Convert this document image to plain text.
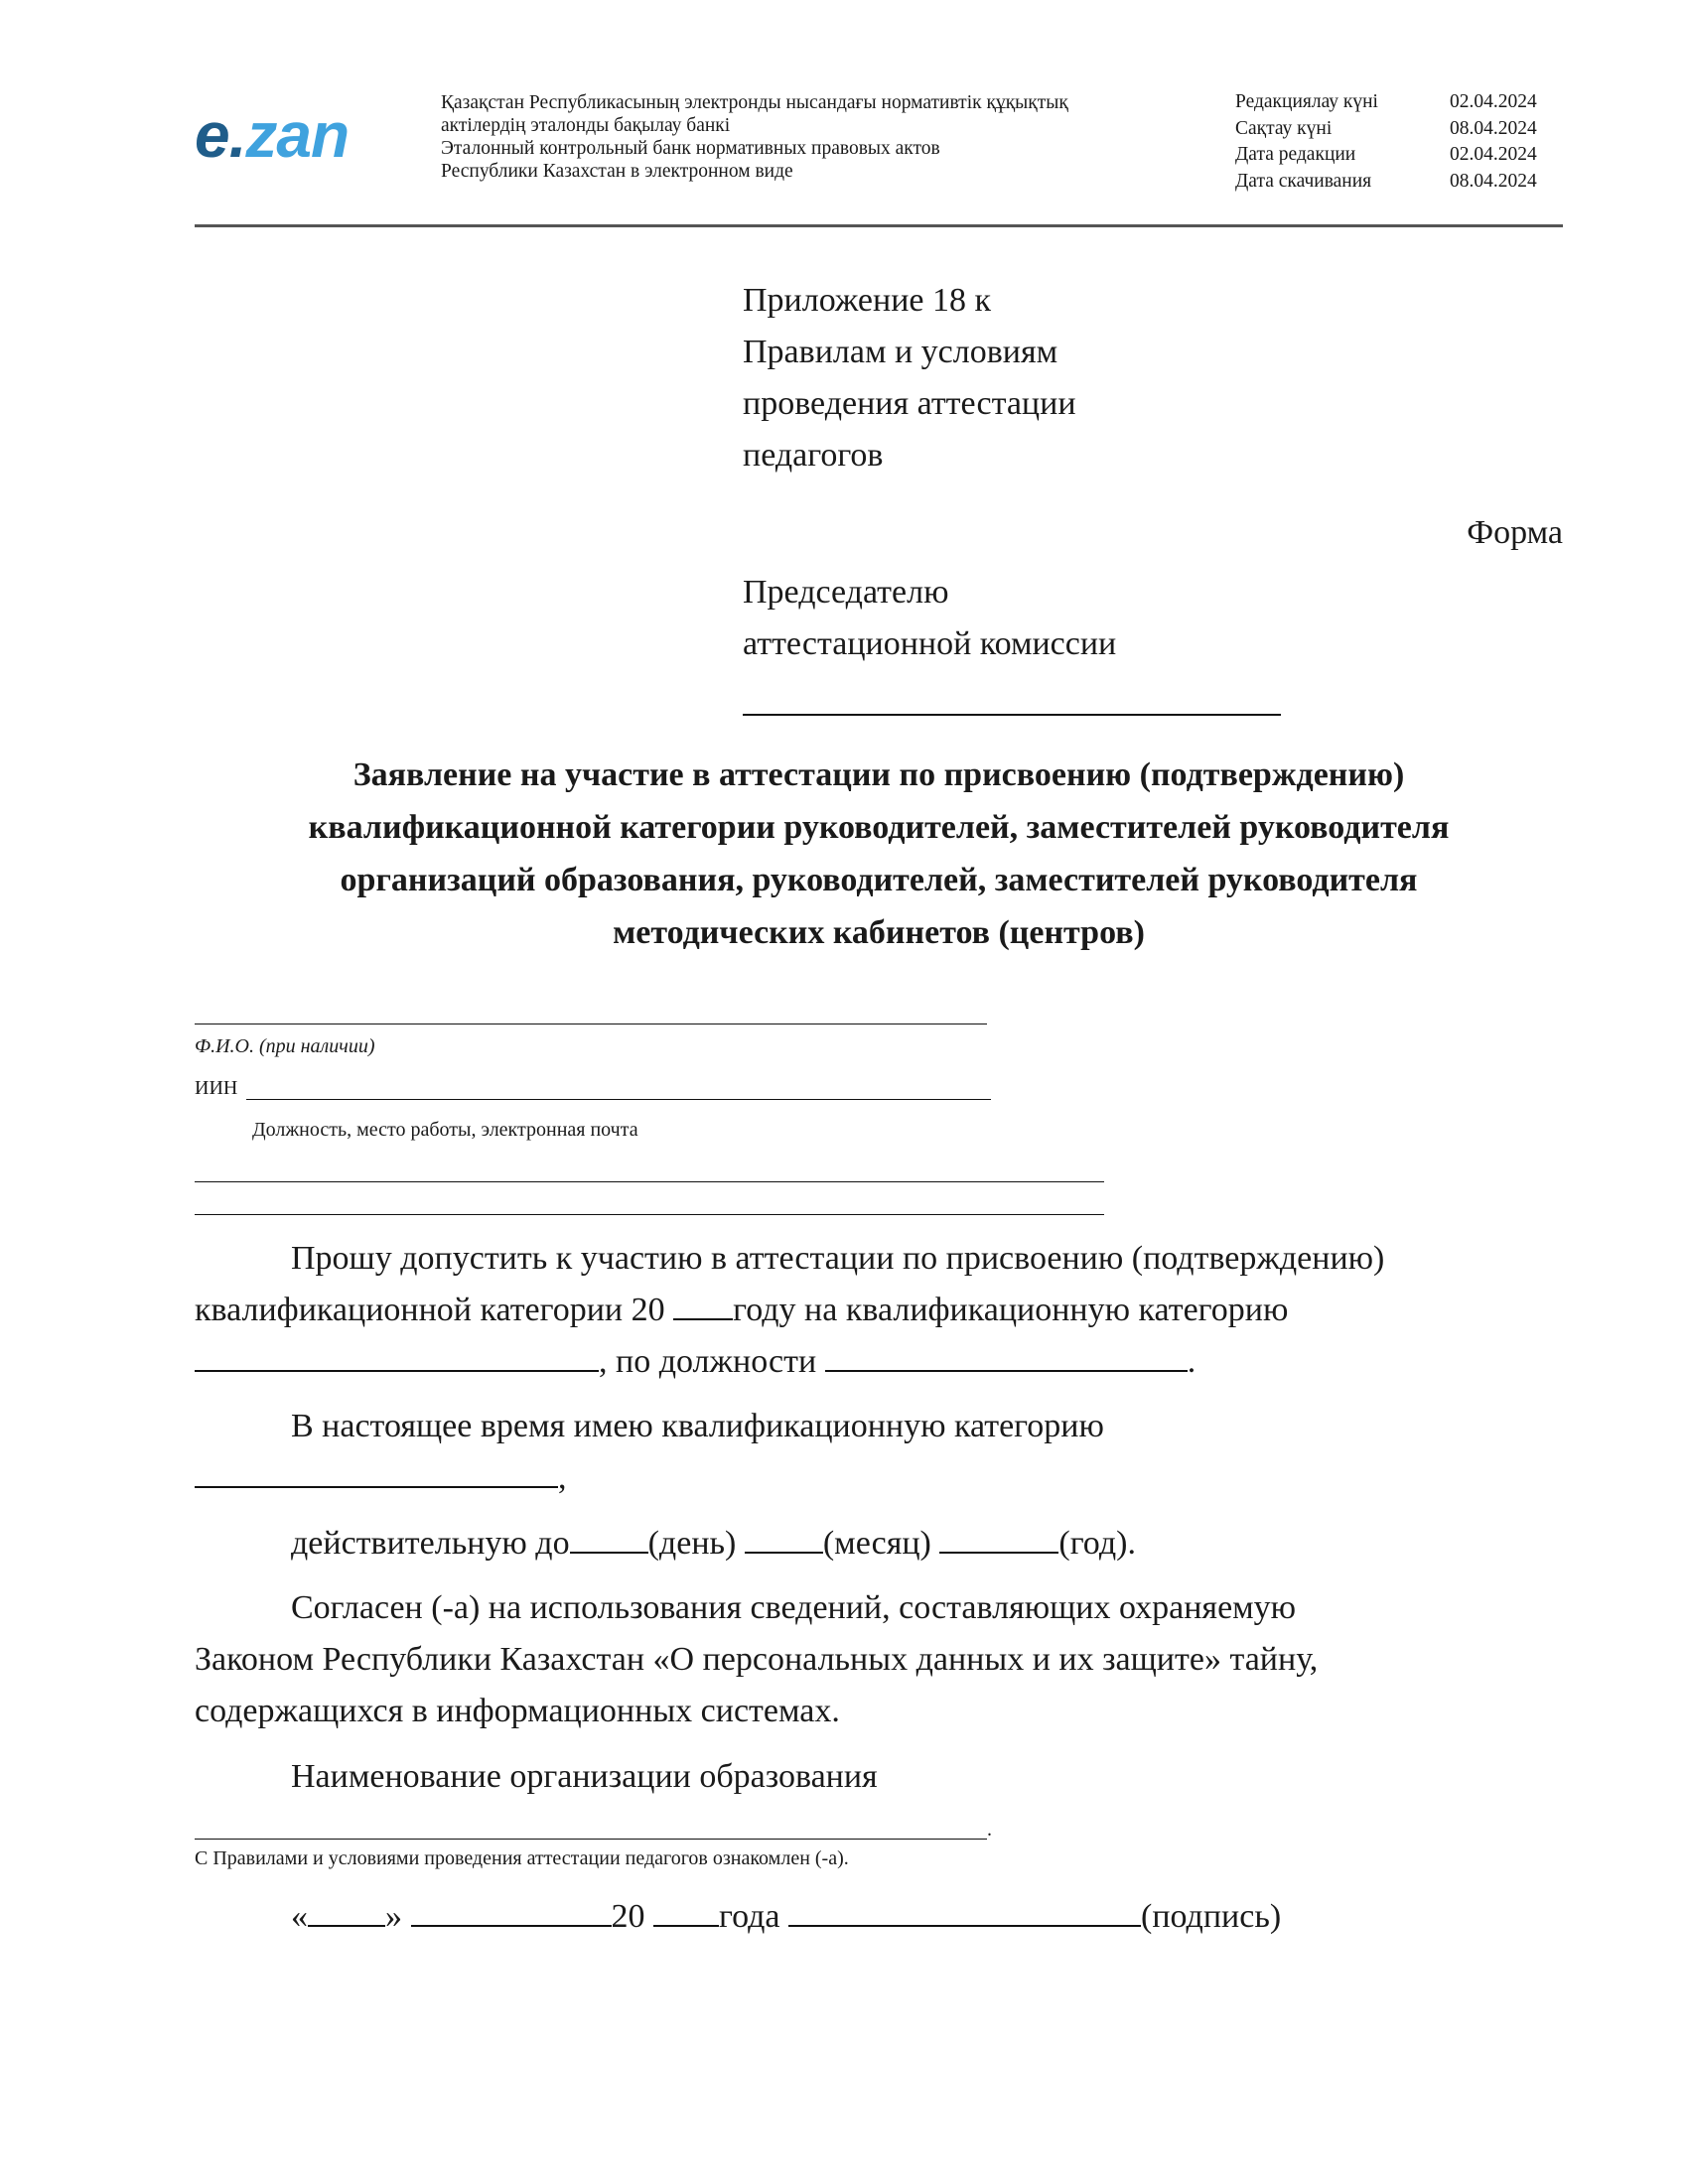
e.zan	Қазақстан Республикасының электронды нысандағы нормативтік құқықтық
актілердің эталонды бақылау банкі
Эталонный контрольный банк нормативных правовых актов
Республики Казахстан в электронном виде
Редакциялау күні	02.04.2024
Сақтау күні	08.04.2024
Дата редакции	02.04.2024
Дата скачивания	08.04.2024
Приложение 18 к
Правилам и условиям
проведения аттестации
педагогов
Форма
Председателю
аттестационной комиссии
Заявление на участие в аттестации по присвоению (подтверждению)
квалификационной категории руководителей, заместителей руководителя
организаций образования, руководителей, заместителей руководителя
методических кабинетов (центров)
Ф.И.О. (при наличии)
ИИН
Должность, место работы, электронная почта
Прошу допустить к участию в аттестации по присвоению (подтверждению)
квалификационной категории 20 году на квалификационную категорию
, по должности	.
В настоящее время имею квалификационную категорию
,
действительную до (день) (месяц)	(год).
Согласен (-а) на использования сведений, составляющих охраняемую
Законом Республики Казахстан «О персональных данных и их защите» тайну,
содержащихся в информационных системах.
Наименование организации образования
.
С Правилами и условиями проведения аттестации педагогов ознакомлен (-а).
« »	20 года	(подпись)
